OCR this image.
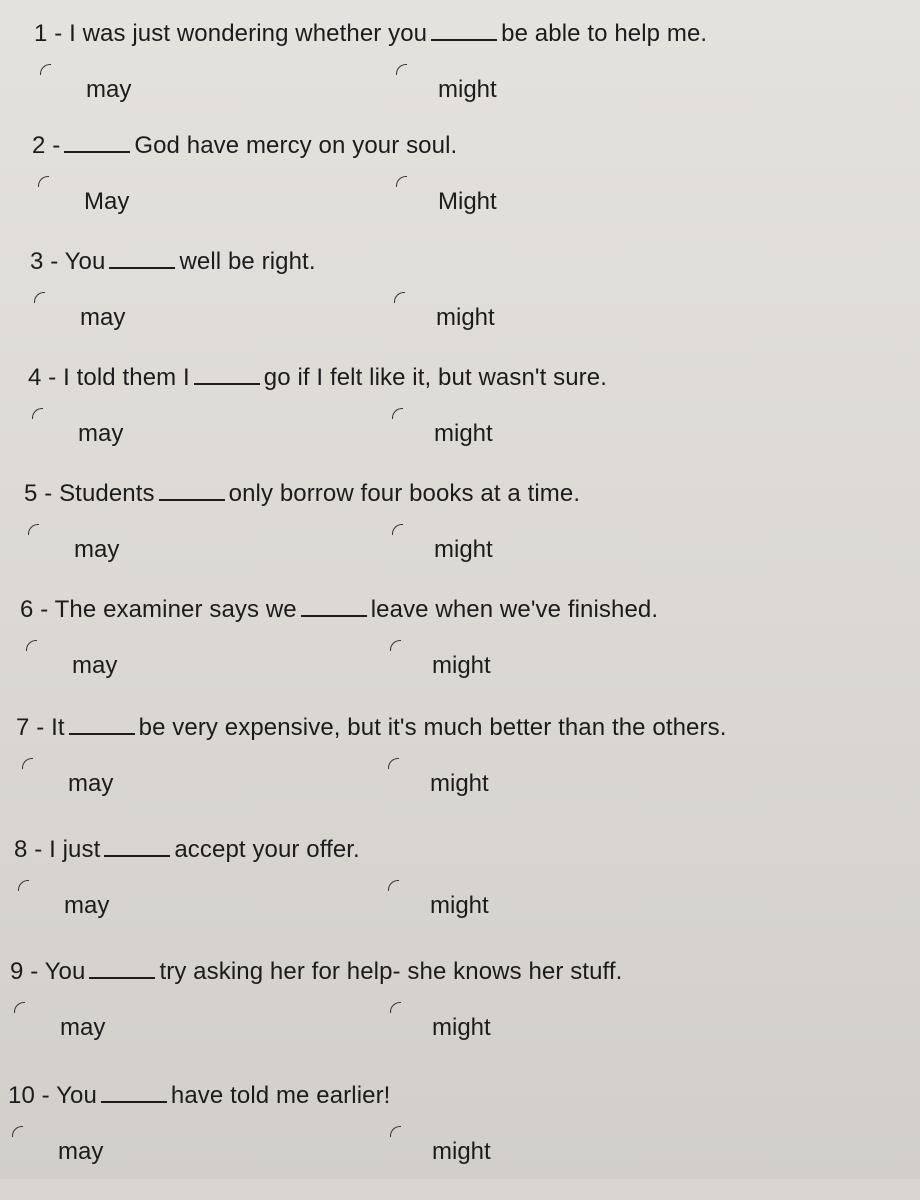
1 - I was just wondering whether you	be able to help me.
may	might
2 -	God have mercy on your soul.
May	Might
3 - You	well be right.
may	might
4 - I told them I	go if I felt like it, but wasn't sure.
may	might
5 - Students	only borrow four books at a time.
may	might
6 - The examiner says we	leave when we've finished.
may	might
7 - It	be very expensive, but it's much better than the others.
may	might
8 - I just	accept your offer.
may	might
9 - You	try asking her for help- she knows her stuff.
may	might
10 - You	have told me earlier!
may	might
